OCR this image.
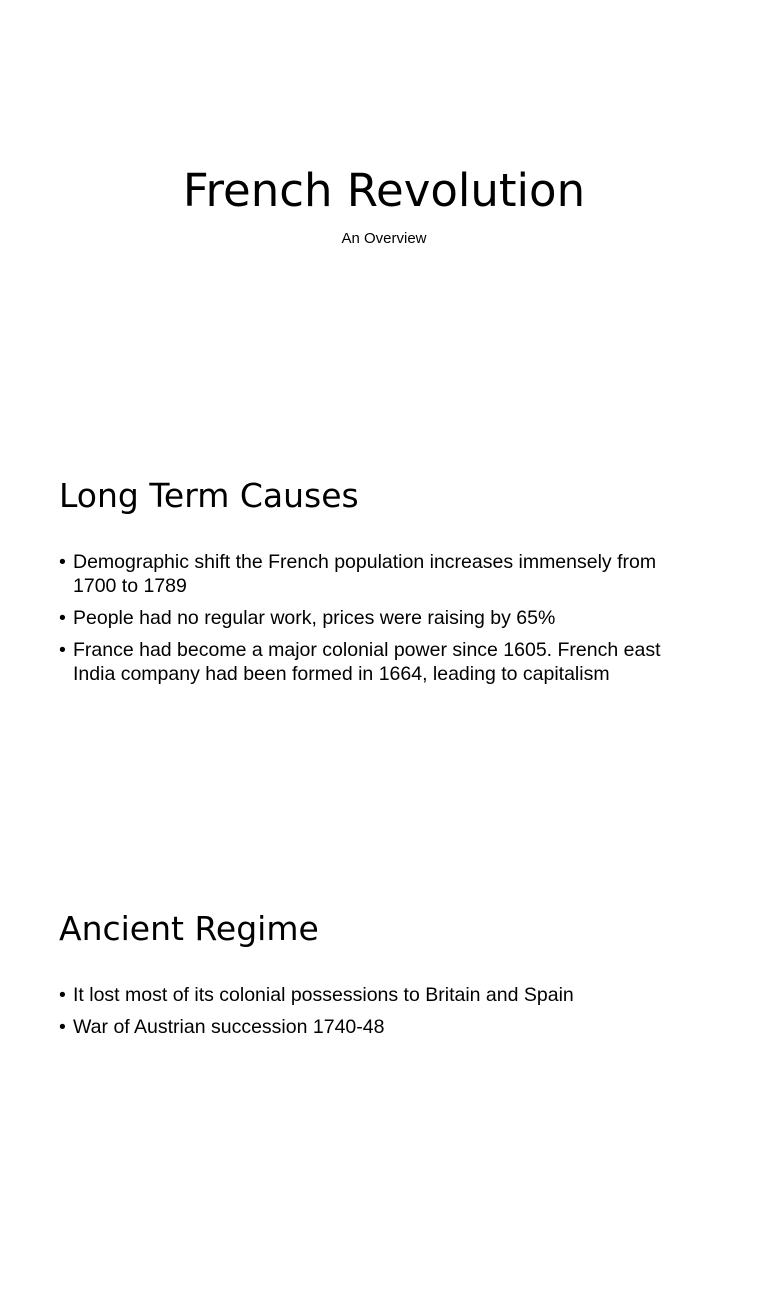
French Revolution

An Overview

Long Term Causes
• Demographic shift the French population increases immensely from 1700 to 1789
• People had no regular work, prices were raising by 65%
• France had become a major colonial power since 1605. French east India company had been formed in 1664, leading to capitalism
Ancient Regime
• It lost most of its colonial possessions to Britain and Spain
• War of Austrian succession 1740-48
